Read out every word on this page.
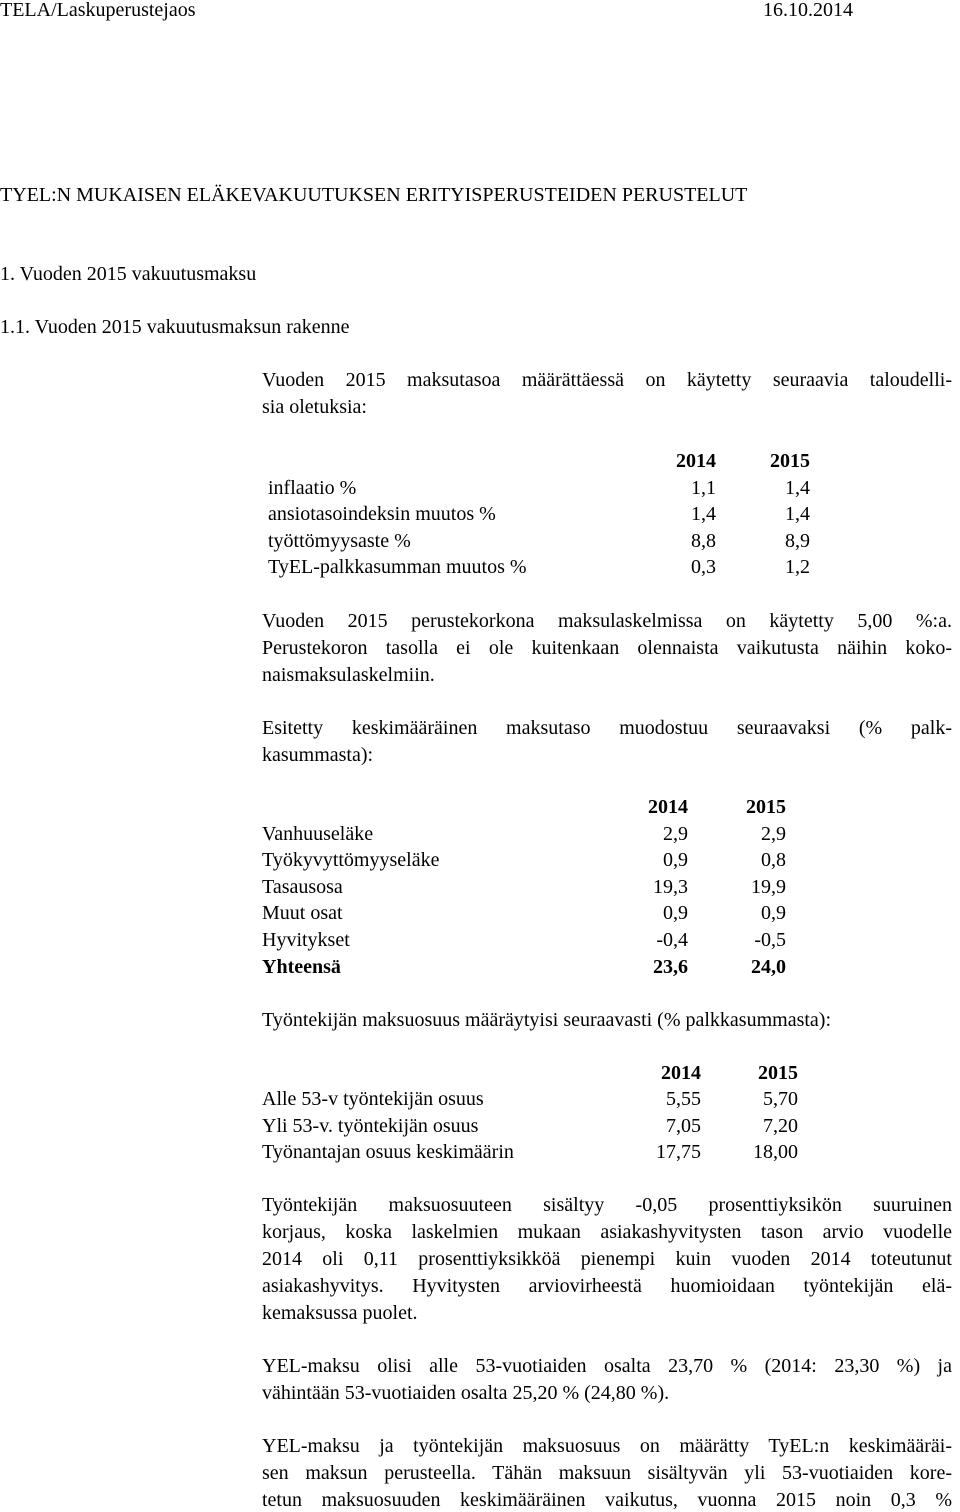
TELA/Laskuperustejaos	16.10.2014
TYEL:N MUKAISEN ELÄKEVAKUUTUKSEN ERITYISPERUSTEIDEN PERUSTELUT
1. Vuoden 2015 vakuutusmaksu
1.1. Vuoden 2015 vakuutusmaksun rakenne
Vuoden 2015 maksutasoa määrättäessä on käytetty seuraavia taloudelli-
sia oletuksia:
	2014	2015
inflaatio %	1,1	1,4
ansiotasoindeksin muutos %	1,4	1,4
työttömyysaste %	8,8	8,9
TyEL-palkkasumman muutos %	0,3	1,2
Vuoden 2015 perustekorkona maksulaskelmissa on käytetty 5,00 %:a.
Perustekoron tasolla ei ole kuitenkaan olennaista vaikutusta näihin koko-
naismaksulaskelmiin.
Esitetty keskimääräinen maksutaso muodostuu seuraavaksi (% palk-
kasummasta):
	2014	2015
Vanhuuseläke	2,9	2,9
Työkyvyttömyyseläke	0,9	0,8
Tasausosa	19,3	19,9
Muut osat	0,9	0,9
Hyvitykset	-0,4	-0,5
Yhteensä	23,6	24,0
Työntekijän maksuosuus määräytyisi seuraavasti (% palkkasummasta):
	2014	2015
Alle 53-v työntekijän osuus	5,55	5,70
Yli 53-v. työntekijän osuus	7,05	7,20
Työnantajan osuus keskimäärin	17,75	18,00
Työntekijän maksuosuuteen sisältyy -0,05 prosenttiyksikön suuruinen
korjaus, koska laskelmien mukaan asiakashyvitysten tason arvio vuodelle
2014 oli 0,11 prosenttiyksikköä pienempi kuin vuoden 2014 toteutunut
asiakashyvitys. Hyvitysten arviovirheestä huomioidaan työntekijän elä-
kemaksussa puolet.
YEL-maksu olisi alle 53-vuotiaiden osalta 23,70 % (2014: 23,30 %) ja
vähintään 53-vuotiaiden osalta 25,20 % (24,80 %).
YEL-maksu ja työntekijän maksuosuus on määrätty TyEL:n keskimääräi-
sen maksun perusteella. Tähän maksuun sisältyvän yli 53-vuotiaiden kore-
tetun maksuosuuden keskimääräinen vaikutus, vuonna 2015 noin 0,3 %
